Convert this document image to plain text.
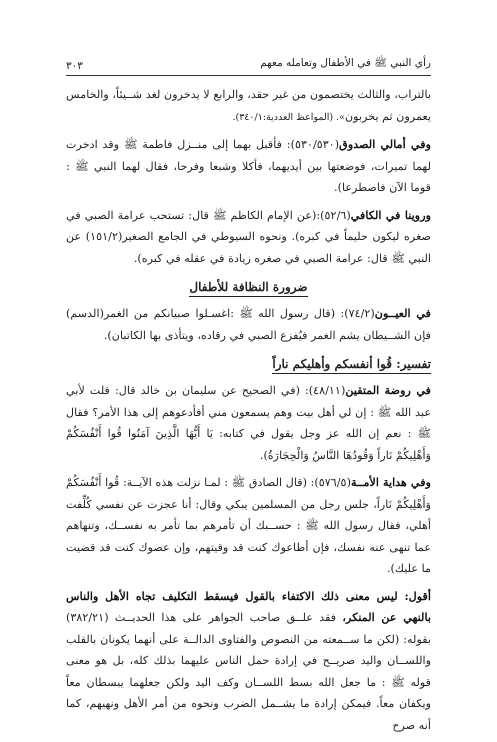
رأي النبي ﷺ في الأطفال وتعامله معهم
٣٠٣

بالتراب، والثالث يختصمون من غير حقد، والرابع لا يدخرون لغد شــيئاً، والخامس يعمرون ثم يخربون». (المواعظ العددية:٣٤٠/١).

وفي أمالي الصدوق(٥٣٠/٥٣٠): فأقبل بهما إلى منــزل فاطمة ﷺ وقد ادخرت لهما تميرات، فوضعتها بين أيديهما، فأكلا وشبعا وفرحا، فقال لهما النبي ﷺ : قوما الآن فاصطرعا).

وروينا في الكافي(٥٢/٦):(عن الإمام الكاظم ﷺ قال: تستحب عرامة الصبي في صغره ليكون حليماً في كبره). ونحوه السيوطي في الجامع الصغير(١٥١/٢) عن النبي ﷺ قال: عرامة الصبي في صغره زيادة في عقله في كبره).

ضرورة النظافة للأطفال

في العيــون(٧٤/٢): (قال رسول الله ﷺ :اغسـلوا صبيانكم من الغمر(الدسم) فإن الشــيطان يشم الغمر فيُفزع الصبي في رقاده، ويتأذى بها الكاتبان).

تفسير: قُوا أنفسكم وأهليكم ناراً

في روضة المتقين(٤٨/١١): (في الصحيح عن سليمان بن خالد قال: قلت لأبي عبد الله ﷺ : إن لي أهل بيت وهم يسمعون مني أفأدعوهم إلى هذا الأمر؟ فقال ﷺ : نعم إن الله عز وجل يقول في كتابه: يَا أَيُّهَا الَّذِينَ آمَنُوا قُوا أَنْفُسَكُمْ وَأَهْلِيكُمْ نَاراً وَقُودُهَا النَّاسُ وَالْحِجَارَةُ).

وفي هداية الأمــة(٥٧٦/٥): (قال الصادق ﷺ : لمـا نزلت هذه الآيــة: قُوا أَنْفُسَكُمْ وَأَهْلِيكُمْ نَاراً، جلس رجل من المسلمين يبكي وقال: أنا عجزت عن نفسي كُلِّفت أهلي، فقال رسول الله ﷺ : حســبك أن تأمرهم بما تأمر به نفســك، وتنهاهم عما تنهى عنه نفسك، فإن أطاعوك كنت قد وقيتهم، وإن عصوك كنت قد قضيت ما عليك).

أقول: ليس معنى ذلك الاكتفاء بالقول فيسقط التكليف تجاه الأهل والناس بالنهي عن المنكر، فقد علــق صاحب الجواهر على هذا الحديــث (٣٨٢/٢١) بقوله: (لكن ما ســمعته من النصوص والفتاوى الدالــة على أنهما يكونان بالقلب واللســان واليد صريــح في إرادة حمل الناس عليهما بذلك كله، بل هو معنى قوله ﷺ : ما جعل الله بسط اللســان وكف اليد ولكن جعلهما يبسطان معاً ويكفان معاً. فيمكن إرادة ما يشــمل الضرب ونحوه من أمر الأهل ونهيهم، كما أنه صرح
